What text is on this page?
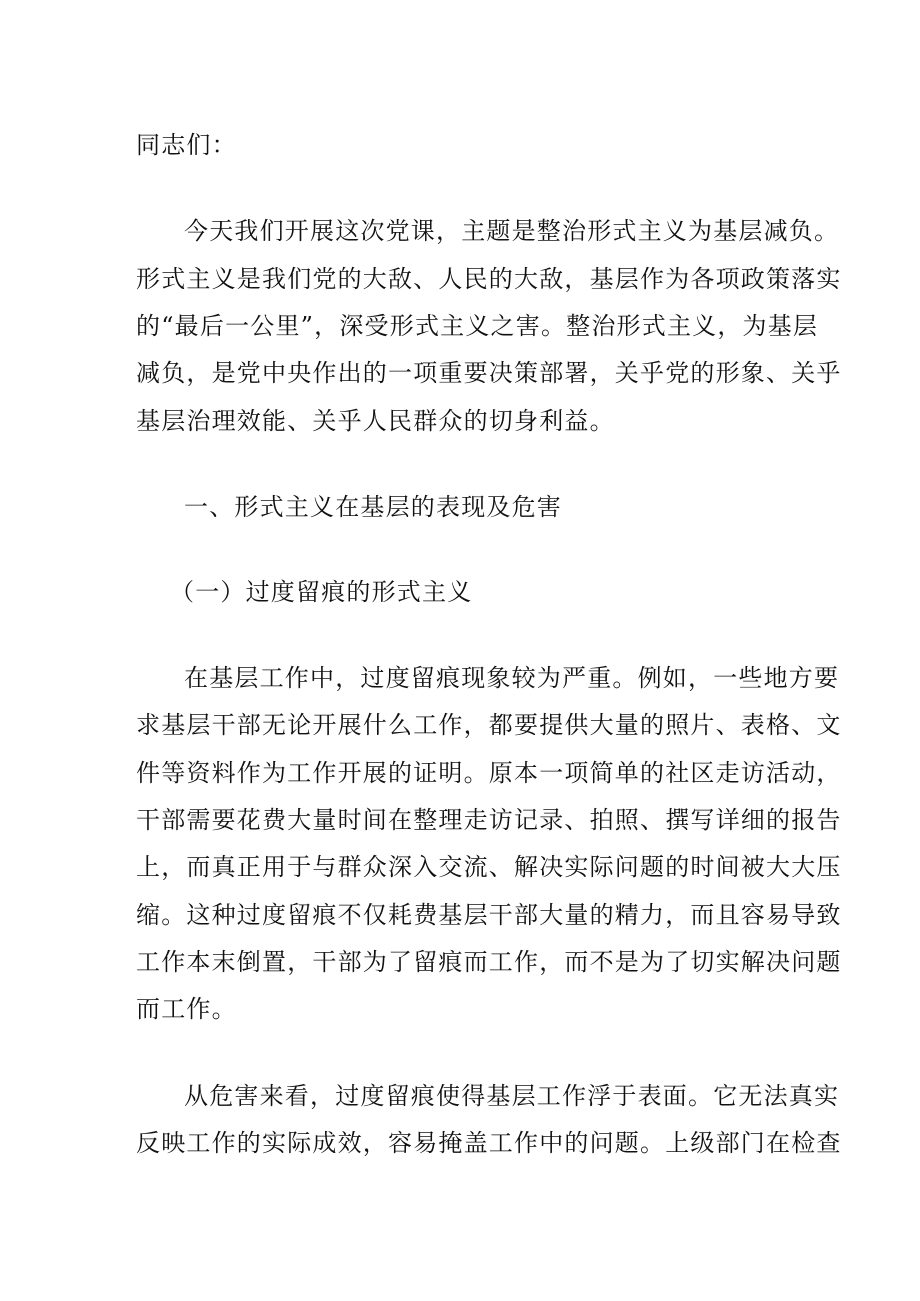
同志们：
今天我们开展这次党课，主题是整治形式主义为基层减负。
形式主义是我们党的大敌、人民的大敌，基层作为各项政策落实
的“最后一公里”，深受形式主义之害。整治形式主义，为基层
减负，是党中央作出的一项重要决策部署，关乎党的形象、关乎
基层治理效能、关乎人民群众的切身利益。
一、形式主义在基层的表现及危害
（一）过度留痕的形式主义
在基层工作中，过度留痕现象较为严重。例如，一些地方要
求基层干部无论开展什么工作，都要提供大量的照片、表格、文
件等资料作为工作开展的证明。原本一项简单的社区走访活动，
干部需要花费大量时间在整理走访记录、拍照、撰写详细的报告
上，而真正用于与群众深入交流、解决实际问题的时间被大大压
缩。这种过度留痕不仅耗费基层干部大量的精力，而且容易导致
工作本末倒置，干部为了留痕而工作，而不是为了切实解决问题
而工作。
从危害来看，过度留痕使得基层工作浮于表面。它无法真实
反映工作的实际成效，容易掩盖工作中的问题。上级部门在检查
